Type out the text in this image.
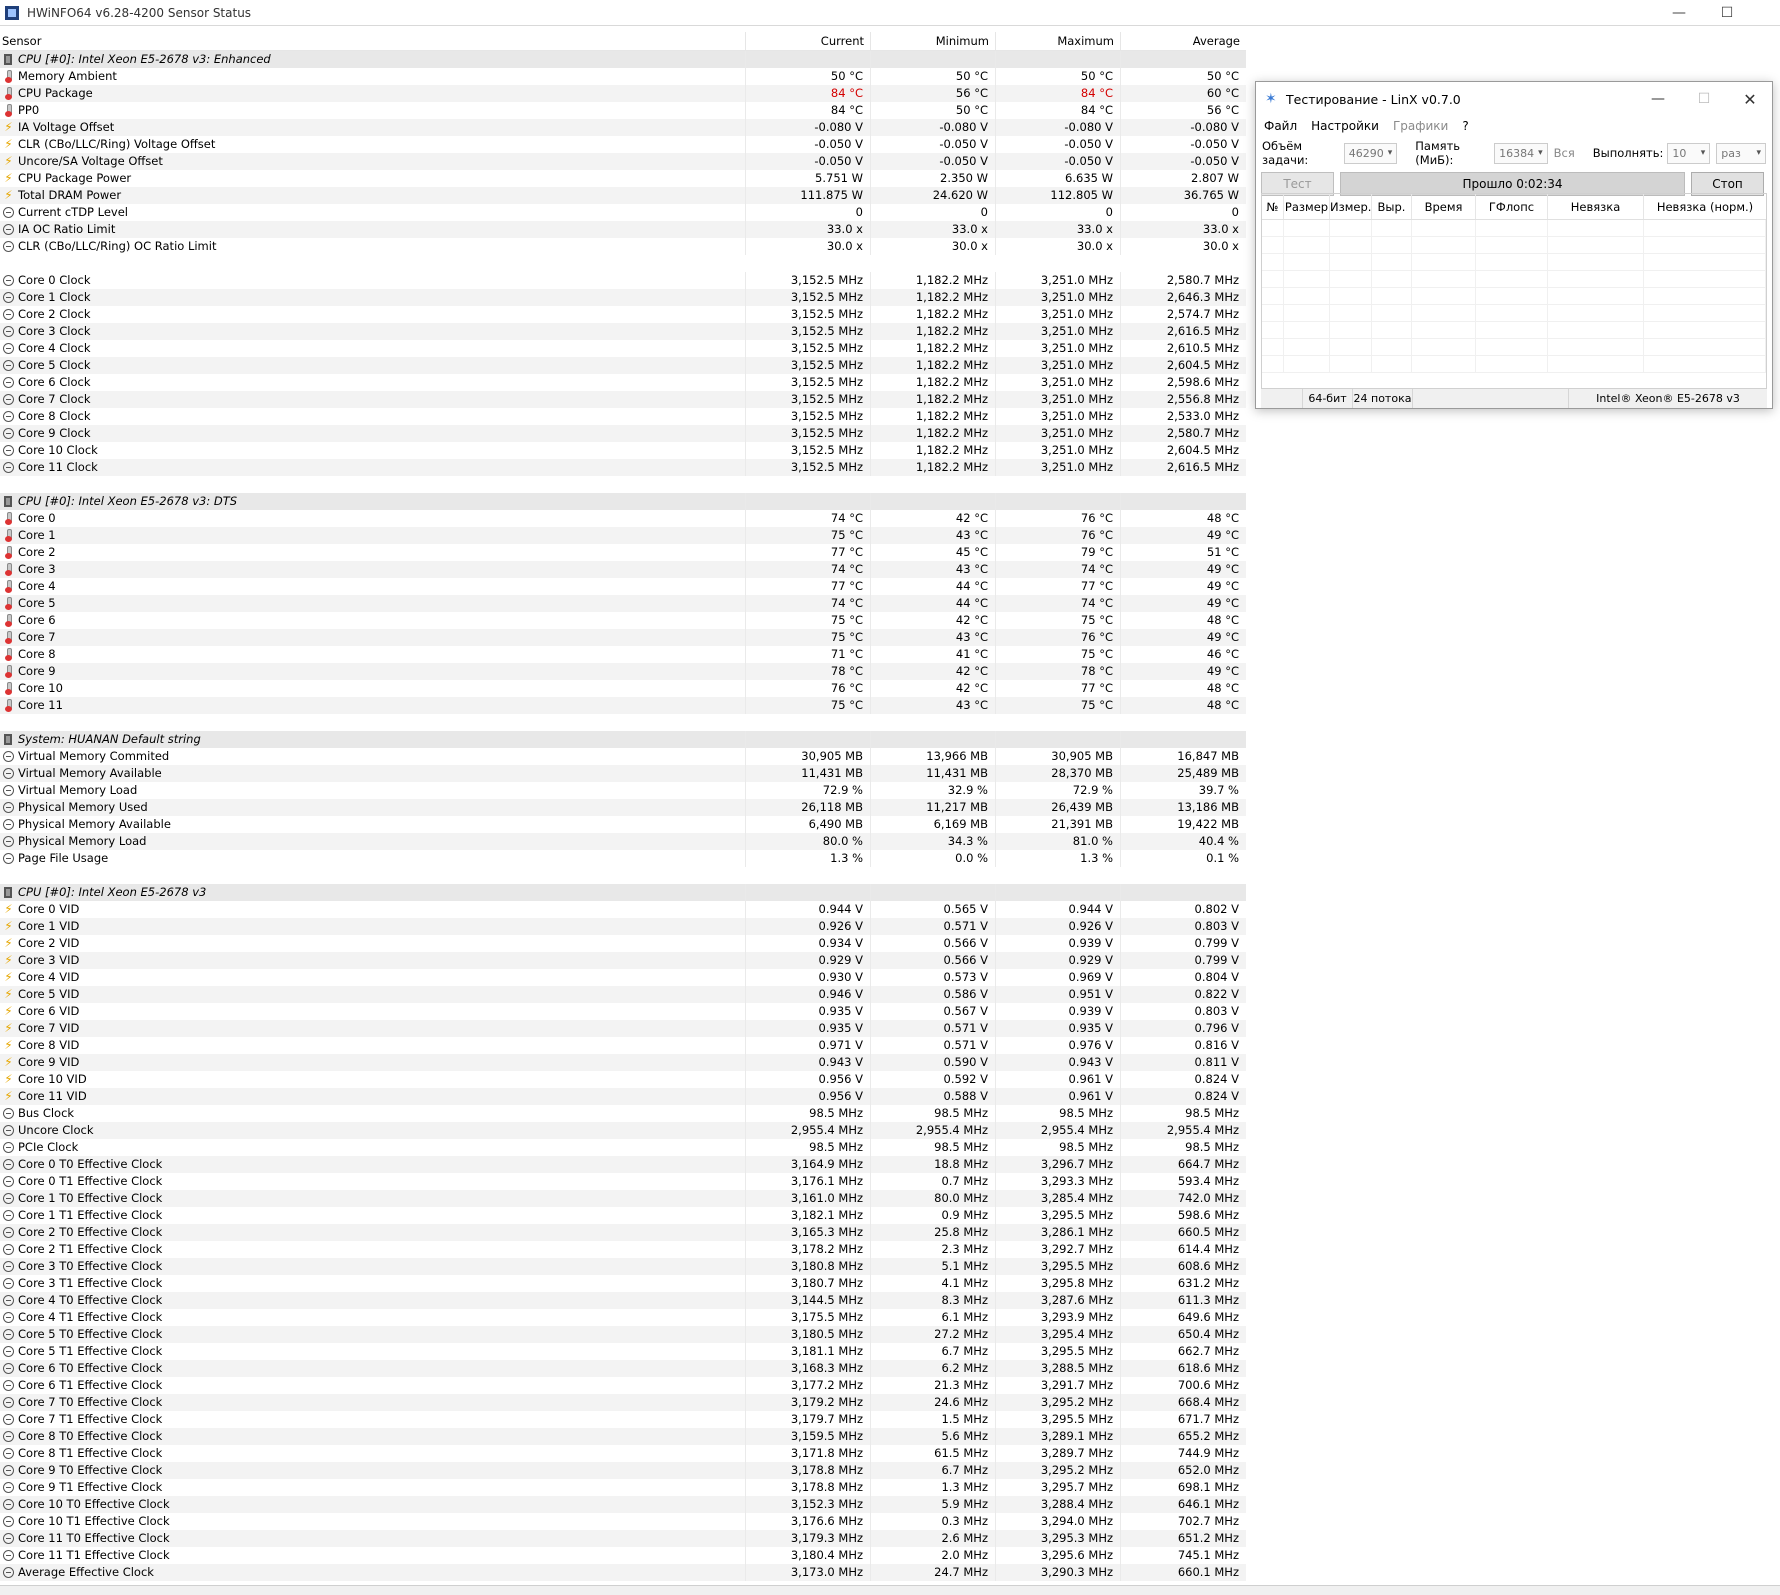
HWiNFO64 v6.28-4200 Sensor Status	—	☐
Sensor	Current	Minimum	Maximum	Average
CPU [#0]: Intel Xeon E5-2678 v3: Enhanced
Memory Ambient	50 °C	50 °C	50 °C	50 °C
CPU Package	84 °C	56 °C	84 °C	60 °C
PP0	84 °C	50 °C	84 °C	56 °C
⚡ IA Voltage Offset	-0.080 V	-0.080 V	-0.080 V	-0.080 V
⚡ CLR (CBo/LLC/Ring) Voltage Offset	-0.050 V	-0.050 V	-0.050 V	-0.050 V
⚡ Uncore/SA Voltage Offset	-0.050 V	-0.050 V	-0.050 V	-0.050 V
⚡ CPU Package Power	5.751 W	2.350 W	6.635 W	2.807 W
⚡ Total DRAM Power	111.875 W	24.620 W	112.805 W	36.765 W
Current cTDP Level	0	0	0	0
IA OC Ratio Limit	33.0 x	33.0 x	33.0 x	33.0 x
CLR (CBo/LLC/Ring) OC Ratio Limit	30.0 x	30.0 x	30.0 x	30.0 x
Core 0 Clock	3,152.5 MHz	1,182.2 MHz	3,251.0 MHz	2,580.7 MHz
Core 1 Clock	3,152.5 MHz	1,182.2 MHz	3,251.0 MHz	2,646.3 MHz
Core 2 Clock	3,152.5 MHz	1,182.2 MHz	3,251.0 MHz	2,574.7 MHz
Core 3 Clock	3,152.5 MHz	1,182.2 MHz	3,251.0 MHz	2,616.5 MHz
Core 4 Clock	3,152.5 MHz	1,182.2 MHz	3,251.0 MHz	2,610.5 MHz
Core 5 Clock	3,152.5 MHz	1,182.2 MHz	3,251.0 MHz	2,604.5 MHz
Core 6 Clock	3,152.5 MHz	1,182.2 MHz	3,251.0 MHz	2,598.6 MHz
Core 7 Clock	3,152.5 MHz	1,182.2 MHz	3,251.0 MHz	2,556.8 MHz
Core 8 Clock	3,152.5 MHz	1,182.2 MHz	3,251.0 MHz	2,533.0 MHz
Core 9 Clock	3,152.5 MHz	1,182.2 MHz	3,251.0 MHz	2,580.7 MHz
Core 10 Clock	3,152.5 MHz	1,182.2 MHz	3,251.0 MHz	2,604.5 MHz
Core 11 Clock	3,152.5 MHz	1,182.2 MHz	3,251.0 MHz	2,616.5 MHz
CPU [#0]: Intel Xeon E5-2678 v3: DTS
Core 0	74 °C	42 °C	76 °C	48 °C
Core 1	75 °C	43 °C	76 °C	49 °C
Core 2	77 °C	45 °C	79 °C	51 °C
Core 3	74 °C	43 °C	74 °C	49 °C
Core 4	77 °C	44 °C	77 °C	49 °C
Core 5	74 °C	44 °C	74 °C	49 °C
Core 6	75 °C	42 °C	75 °C	48 °C
Core 7	75 °C	43 °C	76 °C	49 °C
Core 8	71 °C	41 °C	75 °C	46 °C
Core 9	78 °C	42 °C	78 °C	49 °C
Core 10	76 °C	42 °C	77 °C	48 °C
Core 11	75 °C	43 °C	75 °C	48 °C
System: HUANAN Default string
Virtual Memory Commited	30,905 MB	13,966 MB	30,905 MB	16,847 MB
Virtual Memory Available	11,431 MB	11,431 MB	28,370 MB	25,489 MB
Virtual Memory Load	72.9 %	32.9 %	72.9 %	39.7 %
Physical Memory Used	26,118 MB	11,217 MB	26,439 MB	13,186 MB
Physical Memory Available	6,490 MB	6,169 MB	21,391 MB	19,422 MB
Physical Memory Load	80.0 %	34.3 %	81.0 %	40.4 %
Page File Usage	1.3 %	0.0 %	1.3 %	0.1 %
CPU [#0]: Intel Xeon E5-2678 v3
⚡ Core 0 VID	0.944 V	0.565 V	0.944 V	0.802 V
⚡ Core 1 VID	0.926 V	0.571 V	0.926 V	0.803 V
⚡ Core 2 VID	0.934 V	0.566 V	0.939 V	0.799 V
⚡ Core 3 VID	0.929 V	0.566 V	0.929 V	0.799 V
⚡ Core 4 VID	0.930 V	0.573 V	0.969 V	0.804 V
⚡ Core 5 VID	0.946 V	0.586 V	0.951 V	0.822 V
⚡ Core 6 VID	0.935 V	0.567 V	0.939 V	0.803 V
⚡ Core 7 VID	0.935 V	0.571 V	0.935 V	0.796 V
⚡ Core 8 VID	0.971 V	0.571 V	0.976 V	0.816 V
⚡ Core 9 VID	0.943 V	0.590 V	0.943 V	0.811 V
⚡ Core 10 VID	0.956 V	0.592 V	0.961 V	0.824 V
⚡ Core 11 VID	0.956 V	0.588 V	0.961 V	0.824 V
Bus Clock	98.5 MHz	98.5 MHz	98.5 MHz	98.5 MHz
Uncore Clock	2,955.4 MHz	2,955.4 MHz	2,955.4 MHz	2,955.4 MHz
PCIe Clock	98.5 MHz	98.5 MHz	98.5 MHz	98.5 MHz
Core 0 T0 Effective Clock	3,164.9 MHz	18.8 MHz	3,296.7 MHz	664.7 MHz
Core 0 T1 Effective Clock	3,176.1 MHz	0.7 MHz	3,293.3 MHz	593.4 MHz
Core 1 T0 Effective Clock	3,161.0 MHz	80.0 MHz	3,285.4 MHz	742.0 MHz
Core 1 T1 Effective Clock	3,182.1 MHz	0.9 MHz	3,295.5 MHz	598.6 MHz
Core 2 T0 Effective Clock	3,165.3 MHz	25.8 MHz	3,286.1 MHz	660.5 MHz
Core 2 T1 Effective Clock	3,178.2 MHz	2.3 MHz	3,292.7 MHz	614.4 MHz
Core 3 T0 Effective Clock	3,180.8 MHz	5.1 MHz	3,295.5 MHz	608.6 MHz
Core 3 T1 Effective Clock	3,180.7 MHz	4.1 MHz	3,295.8 MHz	631.2 MHz
Core 4 T0 Effective Clock	3,144.5 MHz	8.3 MHz	3,287.6 MHz	611.3 MHz
Core 4 T1 Effective Clock	3,175.5 MHz	6.1 MHz	3,293.9 MHz	649.6 MHz
Core 5 T0 Effective Clock	3,180.5 MHz	27.2 MHz	3,295.4 MHz	650.4 MHz
Core 5 T1 Effective Clock	3,181.1 MHz	6.7 MHz	3,295.5 MHz	662.7 MHz
Core 6 T0 Effective Clock	3,168.3 MHz	6.2 MHz	3,288.5 MHz	618.6 MHz
Core 6 T1 Effective Clock	3,177.2 MHz	21.3 MHz	3,291.7 MHz	700.6 MHz
Core 7 T0 Effective Clock	3,179.2 MHz	24.6 MHz	3,295.2 MHz	668.4 MHz
Core 7 T1 Effective Clock	3,179.7 MHz	1.5 MHz	3,295.5 MHz	671.7 MHz
Core 8 T0 Effective Clock	3,159.5 MHz	5.6 MHz	3,289.1 MHz	655.2 MHz
Core 8 T1 Effective Clock	3,171.8 MHz	61.5 MHz	3,289.7 MHz	744.9 MHz
Core 9 T0 Effective Clock	3,178.8 MHz	6.7 MHz	3,295.2 MHz	652.0 MHz
Core 9 T1 Effective Clock	3,178.8 MHz	1.3 MHz	3,295.7 MHz	698.1 MHz
Core 10 T0 Effective Clock	3,152.3 MHz	5.9 MHz	3,288.4 MHz	646.1 MHz
Core 10 T1 Effective Clock	3,176.6 MHz	0.3 MHz	3,294.0 MHz	702.7 MHz
Core 11 T0 Effective Clock	3,179.3 MHz	2.6 MHz	3,295.3 MHz	651.2 MHz
Core 11 T1 Effective Clock	3,180.4 MHz	2.0 MHz	3,295.6 MHz	745.1 MHz
Average Effective Clock	3,173.0 MHz	24.7 MHz	3,290.3 MHz	660.1 MHz
✶ Тестирование - LinX v0.7.0	—	☐	✕
Файл Настройки Графики ?
Объём задачи:	46290 ▾ Память (МиБ):	16384 ▾ Вся Выполнять: 10 ▾ раз ▾
Тест	Прошло 0:02:34	Стоп
№ Размер Измер. Выр.	Время	ГФлопс	Невязка	Невязка (норм.)
64-бит 24 потока	Intel® Xeon® E5-2678 v3
